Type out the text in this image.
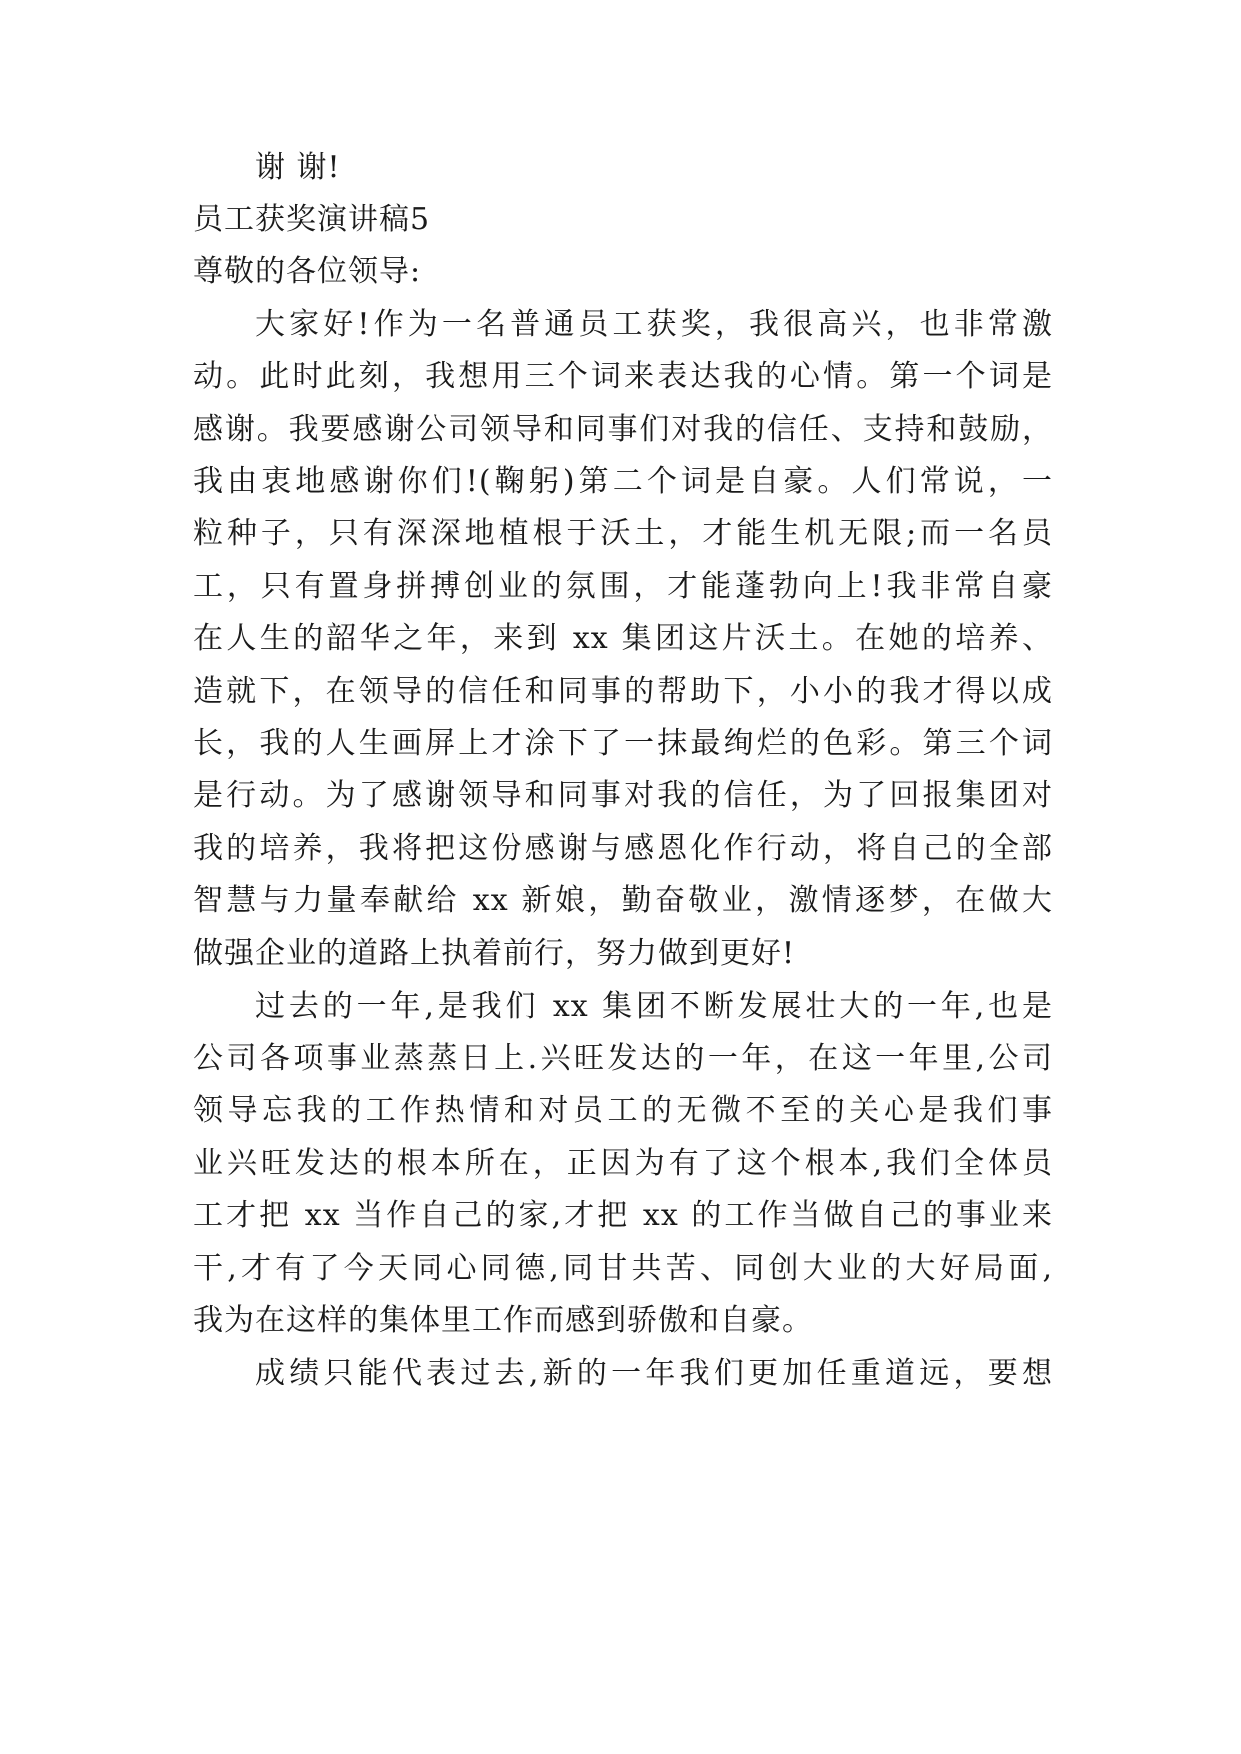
谢 谢!
员工获奖演讲稿5
尊敬的各位领导:
大家好!作为一名普通员工获奖，我很高兴，也非常激
动。此时此刻，我想用三个词来表达我的心情。第一个词是
感谢。我要感谢公司领导和同事们对我的信任、支持和鼓励，
我由衷地感谢你们!(鞠躬)第二个词是自豪。人们常说，一
粒种子，只有深深地植根于沃土，才能生机无限;而一名员
工，只有置身拼搏创业的氛围，才能蓬勃向上!我非常自豪
在人生的韶华之年，来到 xx 集团这片沃土。在她的培养、
造就下，在领导的信任和同事的帮助下，小小的我才得以成
长，我的人生画屏上才涂下了一抹最绚烂的色彩。第三个词
是行动。为了感谢领导和同事对我的信任，为了回报集团对
我的培养，我将把这份感谢与感恩化作行动，将自己的全部
智慧与力量奉献给 xx 新娘，勤奋敬业，激情逐梦，在做大
做强企业的道路上执着前行，努力做到更好!
过去的一年,是我们 xx 集团不断发展壮大的一年,也是
公司各项事业蒸蒸日上.兴旺发达的一年，在这一年里,公司
领导忘我的工作热情和对员工的无微不至的关心是我们事
业兴旺发达的根本所在，正因为有了这个根本,我们全体员
工才把 xx 当作自己的家,才把 xx 的工作当做自己的事业来
干,才有了今天同心同德,同甘共苦、同创大业的大好局面,
我为在这样的集体里工作而感到骄傲和自豪。
成绩只能代表过去,新的一年我们更加任重道远，要想
